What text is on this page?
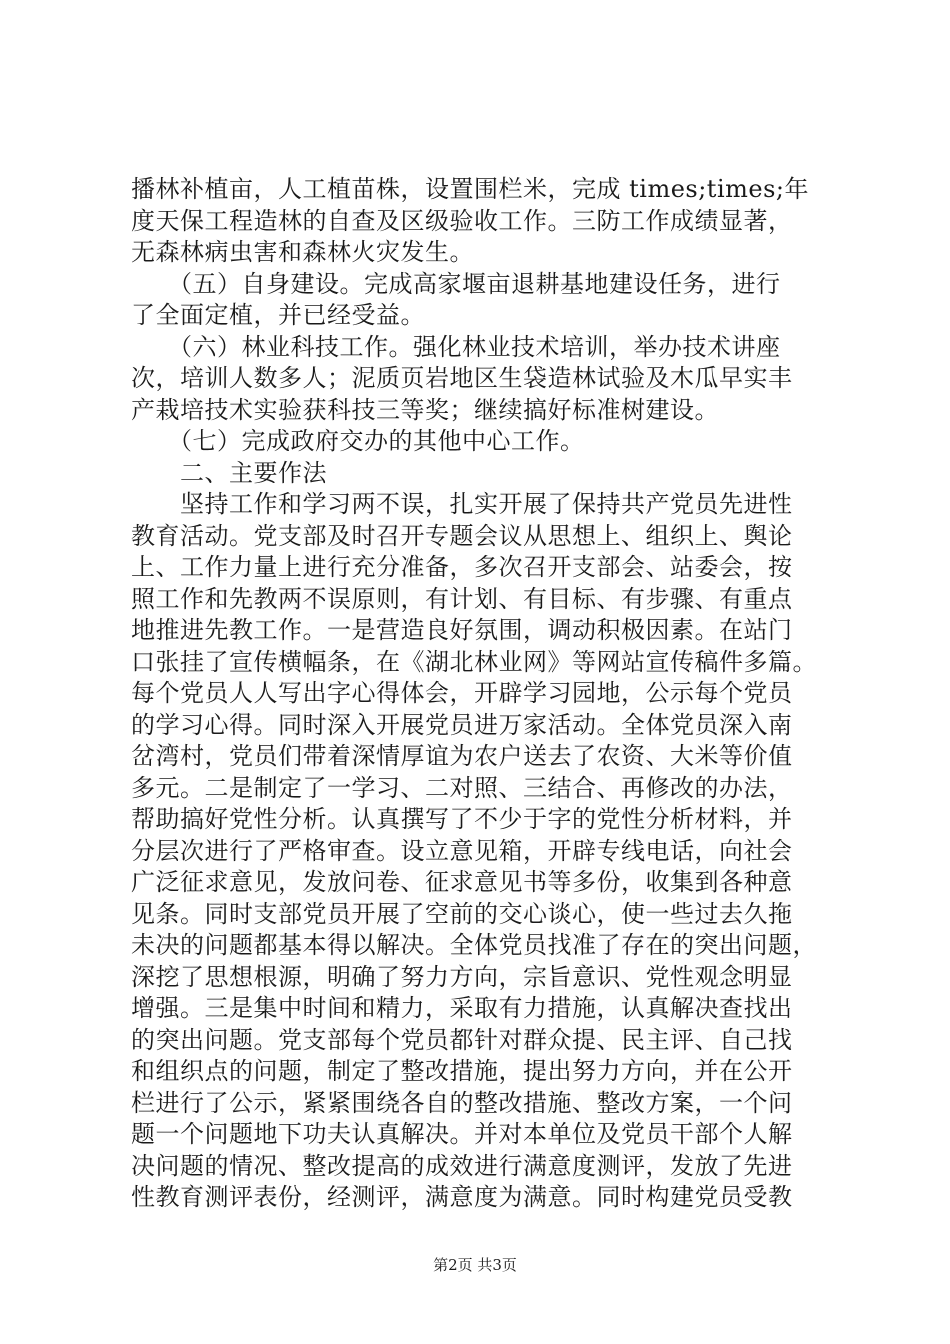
播林补植亩，人工植苗株，设置围栏米，完成 times;times;年
度天保工程造林的自查及区级验收工作。三防工作成绩显著，
无森林病虫害和森林火灾发生。
　　（五）自身建设。完成高家堰亩退耕基地建设任务，进行
了全面定植，并已经受益。
　　（六）林业科技工作。强化林业技术培训，举办技术讲座
次，培训人数多人；泥质页岩地区生袋造林试验及木瓜早实丰
产栽培技术实验获科技三等奖；继续搞好标准树建设。
　　（七）完成政府交办的其他中心工作。
　　二、主要作法
　　坚持工作和学习两不误，扎实开展了保持共产党员先进性
教育活动。党支部及时召开专题会议从思想上、组织上、舆论
上、工作力量上进行充分准备，多次召开支部会、站委会，按
照工作和先教两不误原则，有计划、有目标、有步骤、有重点
地推进先教工作。一是营造良好氛围，调动积极因素。在站门
口张挂了宣传横幅条，在《湖北林业网》等网站宣传稿件多篇。
每个党员人人写出字心得体会，开辟学习园地，公示每个党员
的学习心得。同时深入开展党员进万家活动。全体党员深入南
岔湾村，党员们带着深情厚谊为农户送去了农资、大米等价值
多元。二是制定了一学习、二对照、三结合、再修改的办法，
帮助搞好党性分析。认真撰写了不少于字的党性分析材料，并
分层次进行了严格审查。设立意见箱，开辟专线电话，向社会
广泛征求意见，发放问卷、征求意见书等多份，收集到各种意
见条。同时支部党员开展了空前的交心谈心，使一些过去久拖
未决的问题都基本得以解决。全体党员找准了存在的突出问题，
深挖了思想根源，明确了努力方向，宗旨意识、党性观念明显
增强。三是集中时间和精力，采取有力措施，认真解决查找出
的突出问题。党支部每个党员都针对群众提、民主评、自己找
和组织点的问题，制定了整改措施，提出努力方向，并在公开
栏进行了公示，紧紧围绕各自的整改措施、整改方案，一个问
题一个问题地下功夫认真解决。并对本单位及党员干部个人解
决问题的情况、整改提高的成效进行满意度测评，发放了先进
性教育测评表份，经测评，满意度为满意。同时构建党员受教
第2页 共3页
